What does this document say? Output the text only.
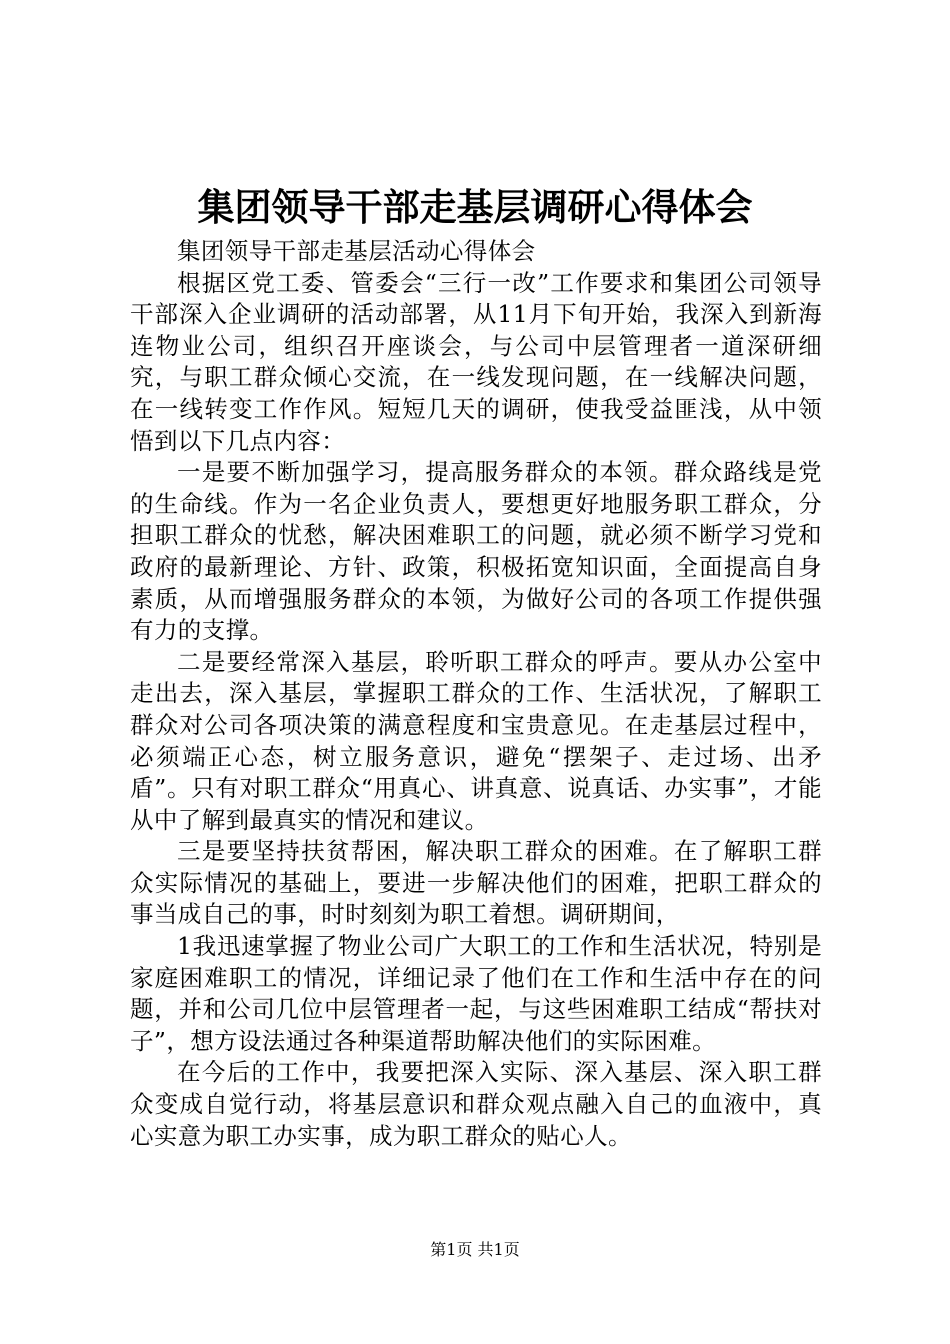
集团领导干部走基层调研心得体会

集团领导干部走基层活动心得体会

根据区党工委、管委会“三行一改”工作要求和集团公司领导干部深入企业调研的活动部署，从11月下旬开始，我深入到新海连物业公司，组织召开座谈会，与公司中层管理者一道深研细究，与职工群众倾心交流，在一线发现问题，在一线解决问题，在一线转变工作作风。短短几天的调研，使我受益匪浅，从中领悟到以下几点内容：

一是要不断加强学习，提高服务群众的本领。群众路线是党的生命线。作为一名企业负责人，要想更好地服务职工群众，分担职工群众的忧愁，解决困难职工的问题，就必须不断学习党和政府的最新理论、方针、政策，积极拓宽知识面，全面提高自身素质，从而增强服务群众的本领，为做好公司的各项工作提供强有力的支撑。

二是要经常深入基层，聆听职工群众的呼声。要从办公室中走出去，深入基层，掌握职工群众的工作、生活状况，了解职工群众对公司各项决策的满意程度和宝贵意见。在走基层过程中，必须端正心态，树立服务意识，避免“摆架子、走过场、出矛盾”。只有对职工群众“用真心、讲真意、说真话、办实事”，才能从中了解到最真实的情况和建议。

三是要坚持扶贫帮困，解决职工群众的困难。在了解职工群众实际情况的基础上，要进一步解决他们的困难，把职工群众的事当成自己的事，时时刻刻为职工着想。调研期间，

1我迅速掌握了物业公司广大职工的工作和生活状况，特别是家庭困难职工的情况，详细记录了他们在工作和生活中存在的问题，并和公司几位中层管理者一起，与这些困难职工结成“帮扶对子”，想方设法通过各种渠道帮助解决他们的实际困难。

在今后的工作中，我要把深入实际、深入基层、深入职工群众变成自觉行动，将基层意识和群众观点融入自己的血液中，真心实意为职工办实事，成为职工群众的贴心人。

第1页 共1页
